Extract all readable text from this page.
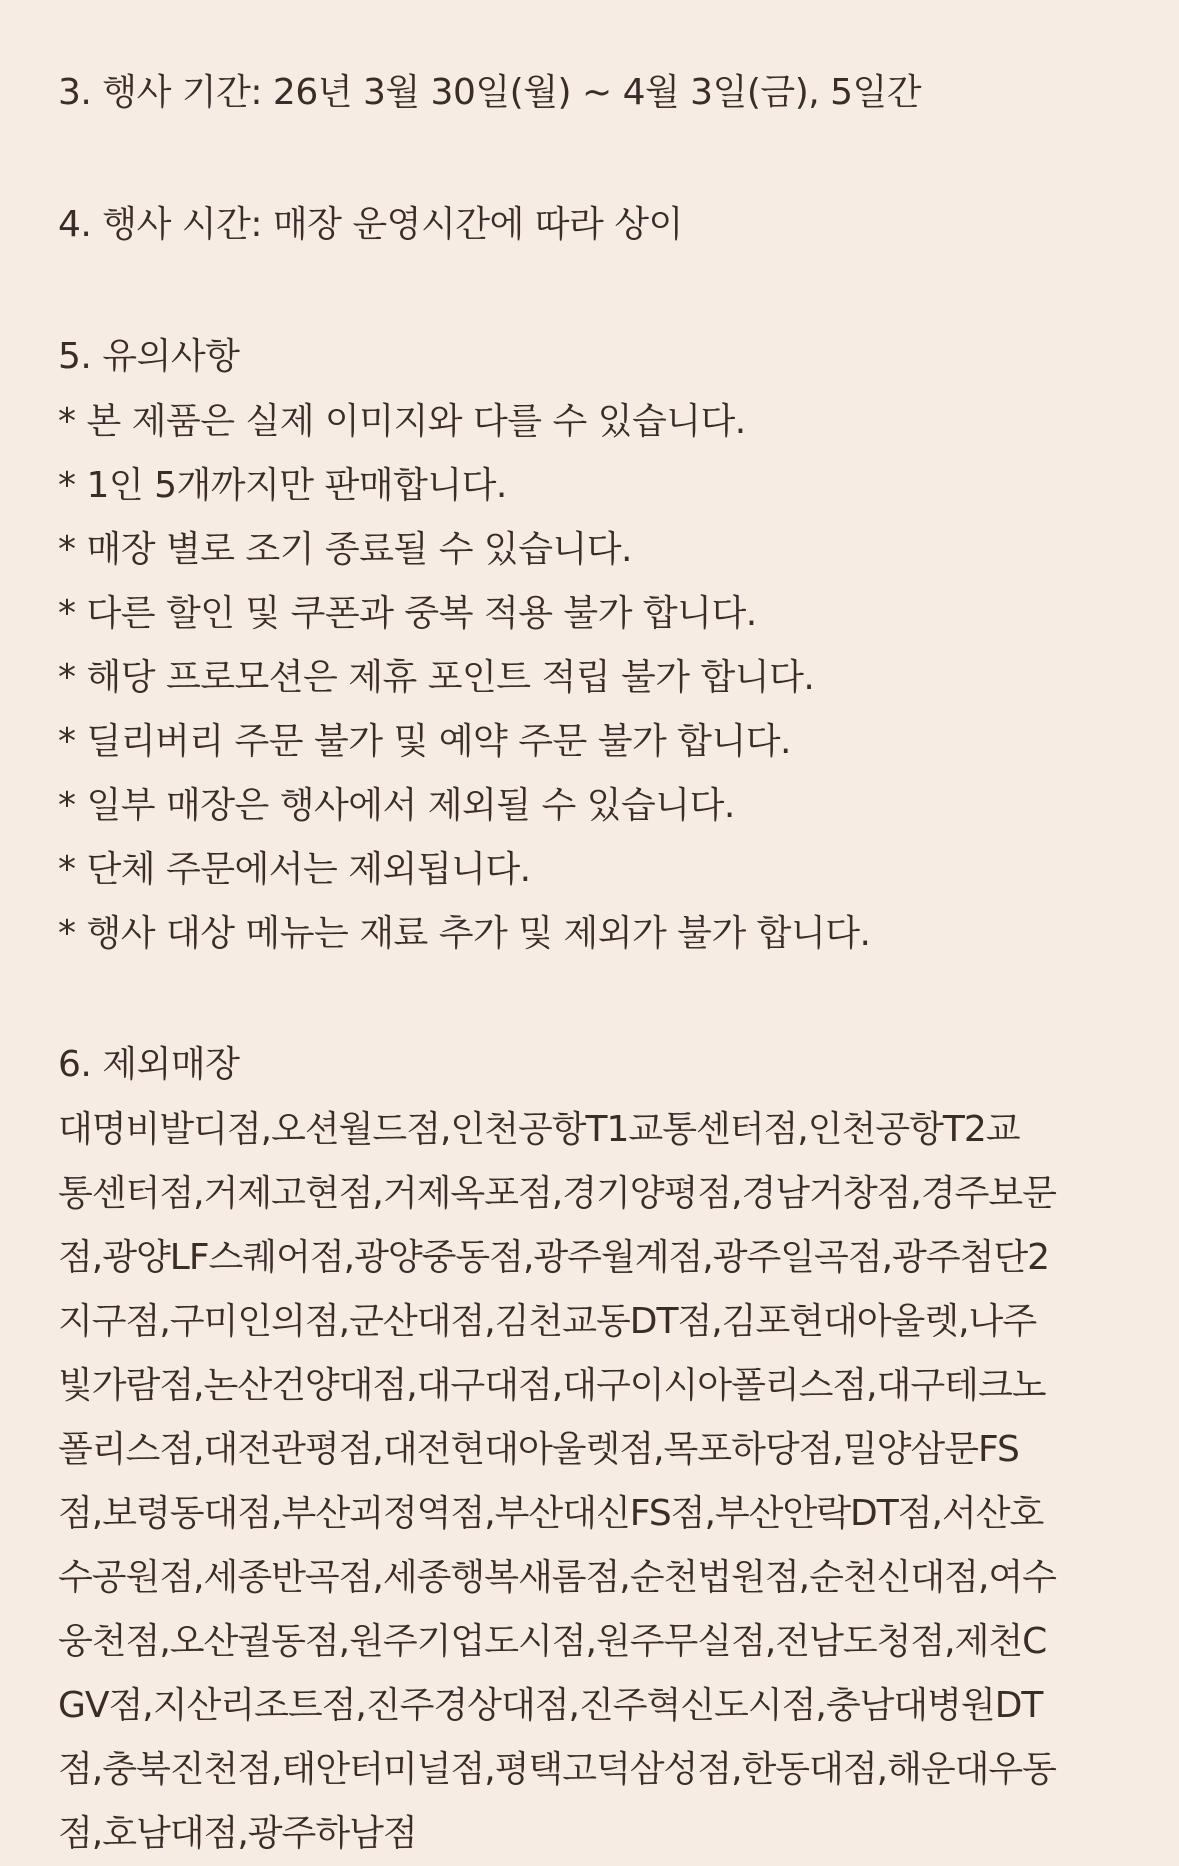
3. 행사 기간: 26년 3월 30일(월) ~ 4월 3일(금), 5일간
4. 행사 시간: 매장 운영시간에 따라 상이
5. 유의사항
* 본 제품은 실제 이미지와 다를 수 있습니다.
* 1인 5개까지만 판매합니다.
* 매장 별로 조기 종료될 수 있습니다.
* 다른 할인 및 쿠폰과 중복 적용 불가 합니다.
* 해당 프로모션은 제휴 포인트 적립 불가 합니다.
* 딜리버리 주문 불가 및 예약 주문 불가 합니다.
* 일부 매장은 행사에서 제외될 수 있습니다.
* 단체 주문에서는 제외됩니다.
* 행사 대상 메뉴는 재료 추가 및 제외가 불가 합니다.
6. 제외매장
대명비발디점,오션월드점,인천공항T1교통센터점,인천공항T2교
통센터점,거제고현점,거제옥포점,경기양평점,경남거창점,경주보문
점,광양LF스퀘어점,광양중동점,광주월계점,광주일곡점,광주첨단2
지구점,구미인의점,군산대점,김천교동DT점,김포현대아울렛,나주
빛가람점,논산건양대점,대구대점,대구이시아폴리스점,대구테크노
폴리스점,대전관평점,대전현대아울렛점,목포하당점,밀양삼문FS
점,보령동대점,부산괴정역점,부산대신FS점,부산안락DT점,서산호
수공원점,세종반곡점,세종행복새롬점,순천법원점,순천신대점,여수
웅천점,오산궐동점,원주기업도시점,원주무실점,전남도청점,제천C
GV점,지산리조트점,진주경상대점,진주혁신도시점,충남대병원DT
점,충북진천점,태안터미널점,평택고덕삼성점,한동대점,해운대우동
점,호남대점,광주하남점
